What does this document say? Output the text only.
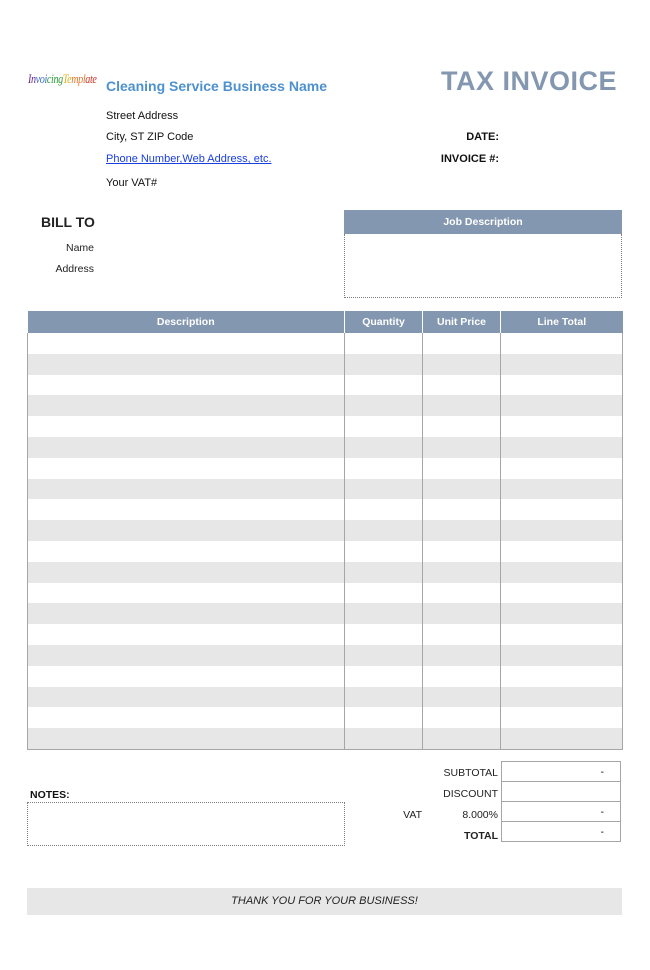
InvoicingTemplate Cleaning Service Business Name	TAX INVOICE
Street Address
City, ST ZIP Code
Phone Number,Web Address, etc.
Your VAT#
DATE:
INVOICE #:
BILL TO
Name
Address
Job Description
Description	Quantity	Unit Price	Line Total

SUBTOTAL	-
DISCOUNT
VAT	8.000%	-
TOTAL	-
NOTES:
THANK YOU FOR YOUR BUSINESS!
